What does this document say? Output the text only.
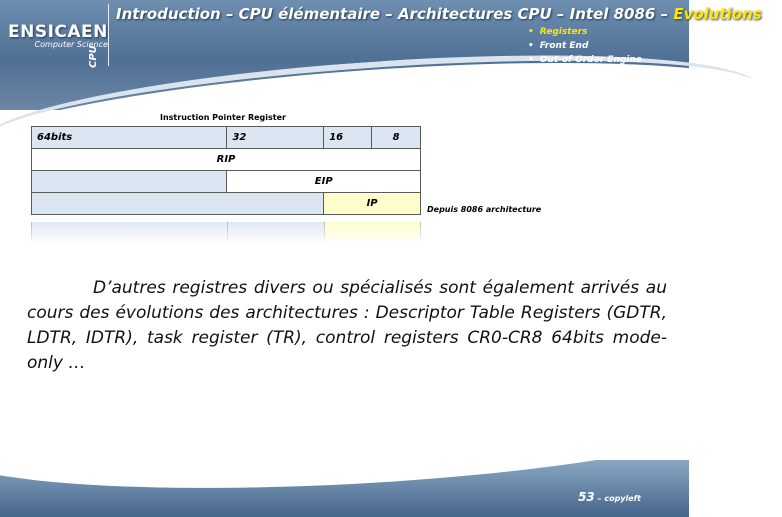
ENSICAEN
Computer Science
CPU
Introduction – CPU élémentaire – Architectures CPU – Intel 8086 – Evolutions
• Registers
• Front End
• Out-of Order Engine
• Execution Core
Instruction Pointer Register
64bits	32	16	8
RIP			
	EIP		
		IP	
Depuis 8086 architecture
D’autres registres divers ou spécialisés sont également arrivés au cours des évolutions des architectures : Descriptor Table Registers (GDTR, LDTR, IDTR), task register (TR), control registers CR0-CR8 64bits mode-only …
53 – copyleft
